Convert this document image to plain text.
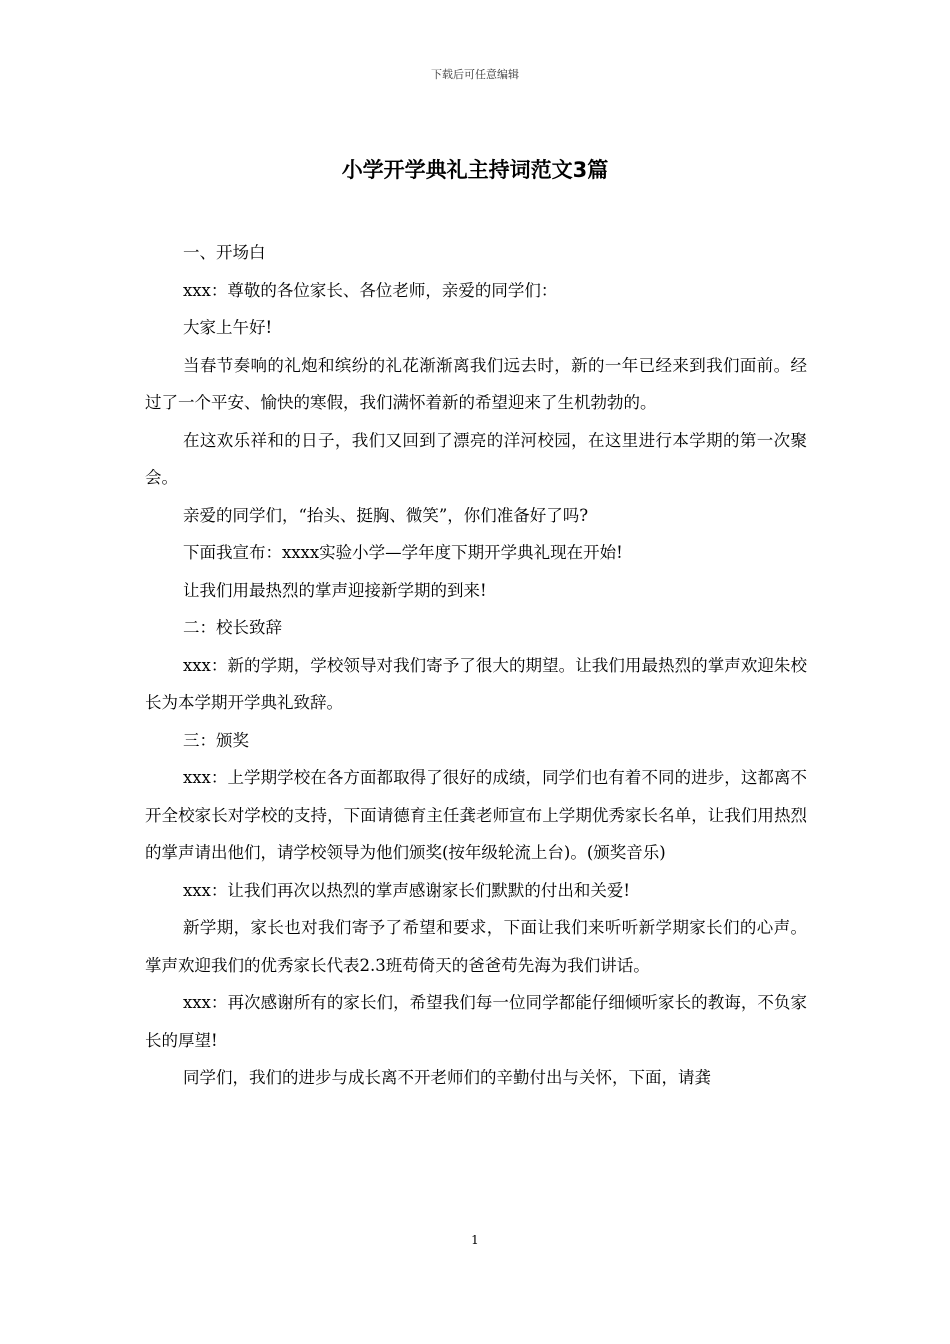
下载后可任意编辑
小学开学典礼主持词范文3篇

一、开场白

xxx：尊敬的各位家长、各位老师，亲爱的同学们：

大家上午好!

当春节奏响的礼炮和缤纷的礼花渐渐离我们远去时，新的一年已经来到我们面前。经过了一个平安、愉快的寒假，我们满怀着新的希望迎来了生机勃勃的。

在这欢乐祥和的日子，我们又回到了漂亮的洋河校园，在这里进行本学期的第一次聚会。

亲爱的同学们，“抬头、挺胸、微笑”，你们准备好了吗?

下面我宣布：xxxx实验小学—学年度下期开学典礼现在开始!

让我们用最热烈的掌声迎接新学期的到来!

二：校长致辞

xxx：新的学期，学校领导对我们寄予了很大的期望。让我们用最热烈的掌声欢迎朱校长为本学期开学典礼致辞。

三：颁奖

xxx：上学期学校在各方面都取得了很好的成绩，同学们也有着不同的进步，这都离不开全校家长对学校的支持，下面请德育主任龚老师宣布上学期优秀家长名单，让我们用热烈的掌声请出他们，请学校领导为他们颁奖(按年级轮流上台)。(颁奖音乐)

xxx：让我们再次以热烈的掌声感谢家长们默默的付出和关爱!

新学期，家长也对我们寄予了希望和要求，下面让我们来听听新学期家长们的心声。掌声欢迎我们的优秀家长代表2.3班苟倚天的爸爸苟先海为我们讲话。

xxx：再次感谢所有的家长们，希望我们每一位同学都能仔细倾听家长的教诲，不负家长的厚望!

同学们，我们的进步与成长离不开老师们的辛勤付出与关怀，下面，请龚

1
